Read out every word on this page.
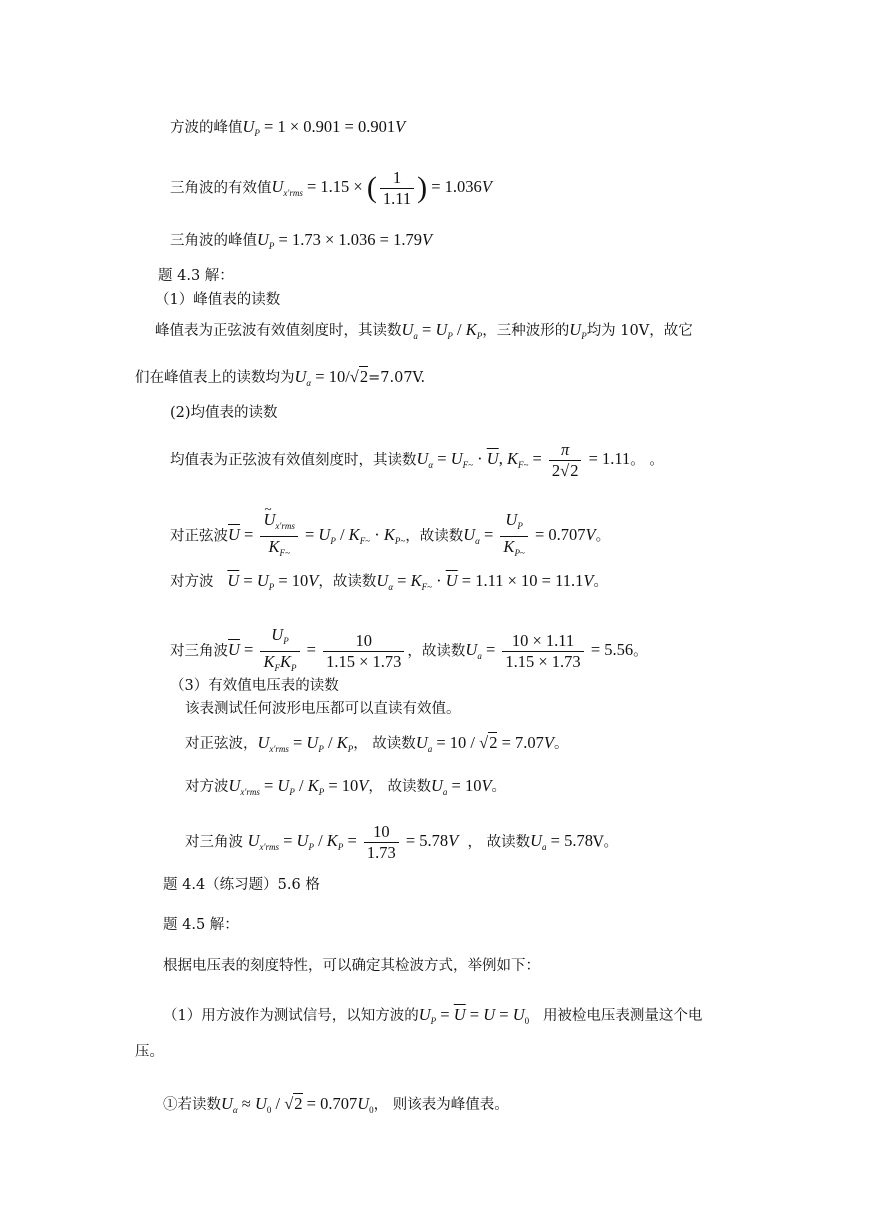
方波的峰值$U_P = 1 \times 0.901 = 0.901V$
三角波的有效值$U_{x'rms} = 1.15$ × ( $\frac{1}{1.11}$ ) = 1.036V
三角波的峰值$U_P = 1.73 \times 1.036 = 1.79V$
题 4.3 解：
（1）峰值表的读数
峰值表为正弦波有效值刻度时，其读数$U_a = U_P / K_P$，三种波形的$U_P$均为 10V，故它
们在峰值表上的读数均为$U_\alpha = 10/√2=7.07V$.
(2)均值表的读数
均值表为正弦波有效值刻度时，其读数$U_\alpha = U_{F\sim} \cdot \overline{U}$, $K_{F\sim} = \frac{\pi}{2√2} = 1.11$。 。
对正弦波$\overline{U}$ = ~ $\frac{U_{x'rms}}{K_{F\sim}} = U_P / K_{F\sim} \cdot K_{P\sim}$，故读数$U_\alpha = \frac{U_P}{K_{P\sim}} = 0.707V$。
对方波 $\overline{U} = U_P = 10V$，故读数$U_\alpha = K_{F\sim} \cdot \overline{U} = 1.11 \times 10 = 11.1V$。
对三角波$\overline{U} = \frac{U_P}{K_FK_P} = \frac{10}{1.15 \times 1.73}$ ，故读数$U_a = \frac{10 \times 1.11}{1.15 \times 1.73} = 5.56$。
（3）有效值电压表的读数
该表测试任何波形电压都可以直读有效值。
对正弦波，$U_{x'rms} = U_P / K_P$， 故读数$U_a = 10 / √2 = 7.07V$。
对方波$U_{x'rms} = U_P / K_P = 10V$， 故读数$U_a = 10V$。
对三角波 $U_{x'rms} = U_P / K_P = \frac{10}{1.73} = 5.78V$ ， 故读数$U_a = 5.78V$。
题 4.4（练习题）5.6 格
题 4.5 解：
根据电压表的刻度特性，可以确定其检波方式，举例如下：
（1）用方波作为测试信号，以知方波的$U_P = \overline{U} = U = U_0$ 用被检电压表测量这个电
压。
①若读数$U_\alpha \approx U_0 / √2 = 0.707U_0$， 则该表为峰值表。
